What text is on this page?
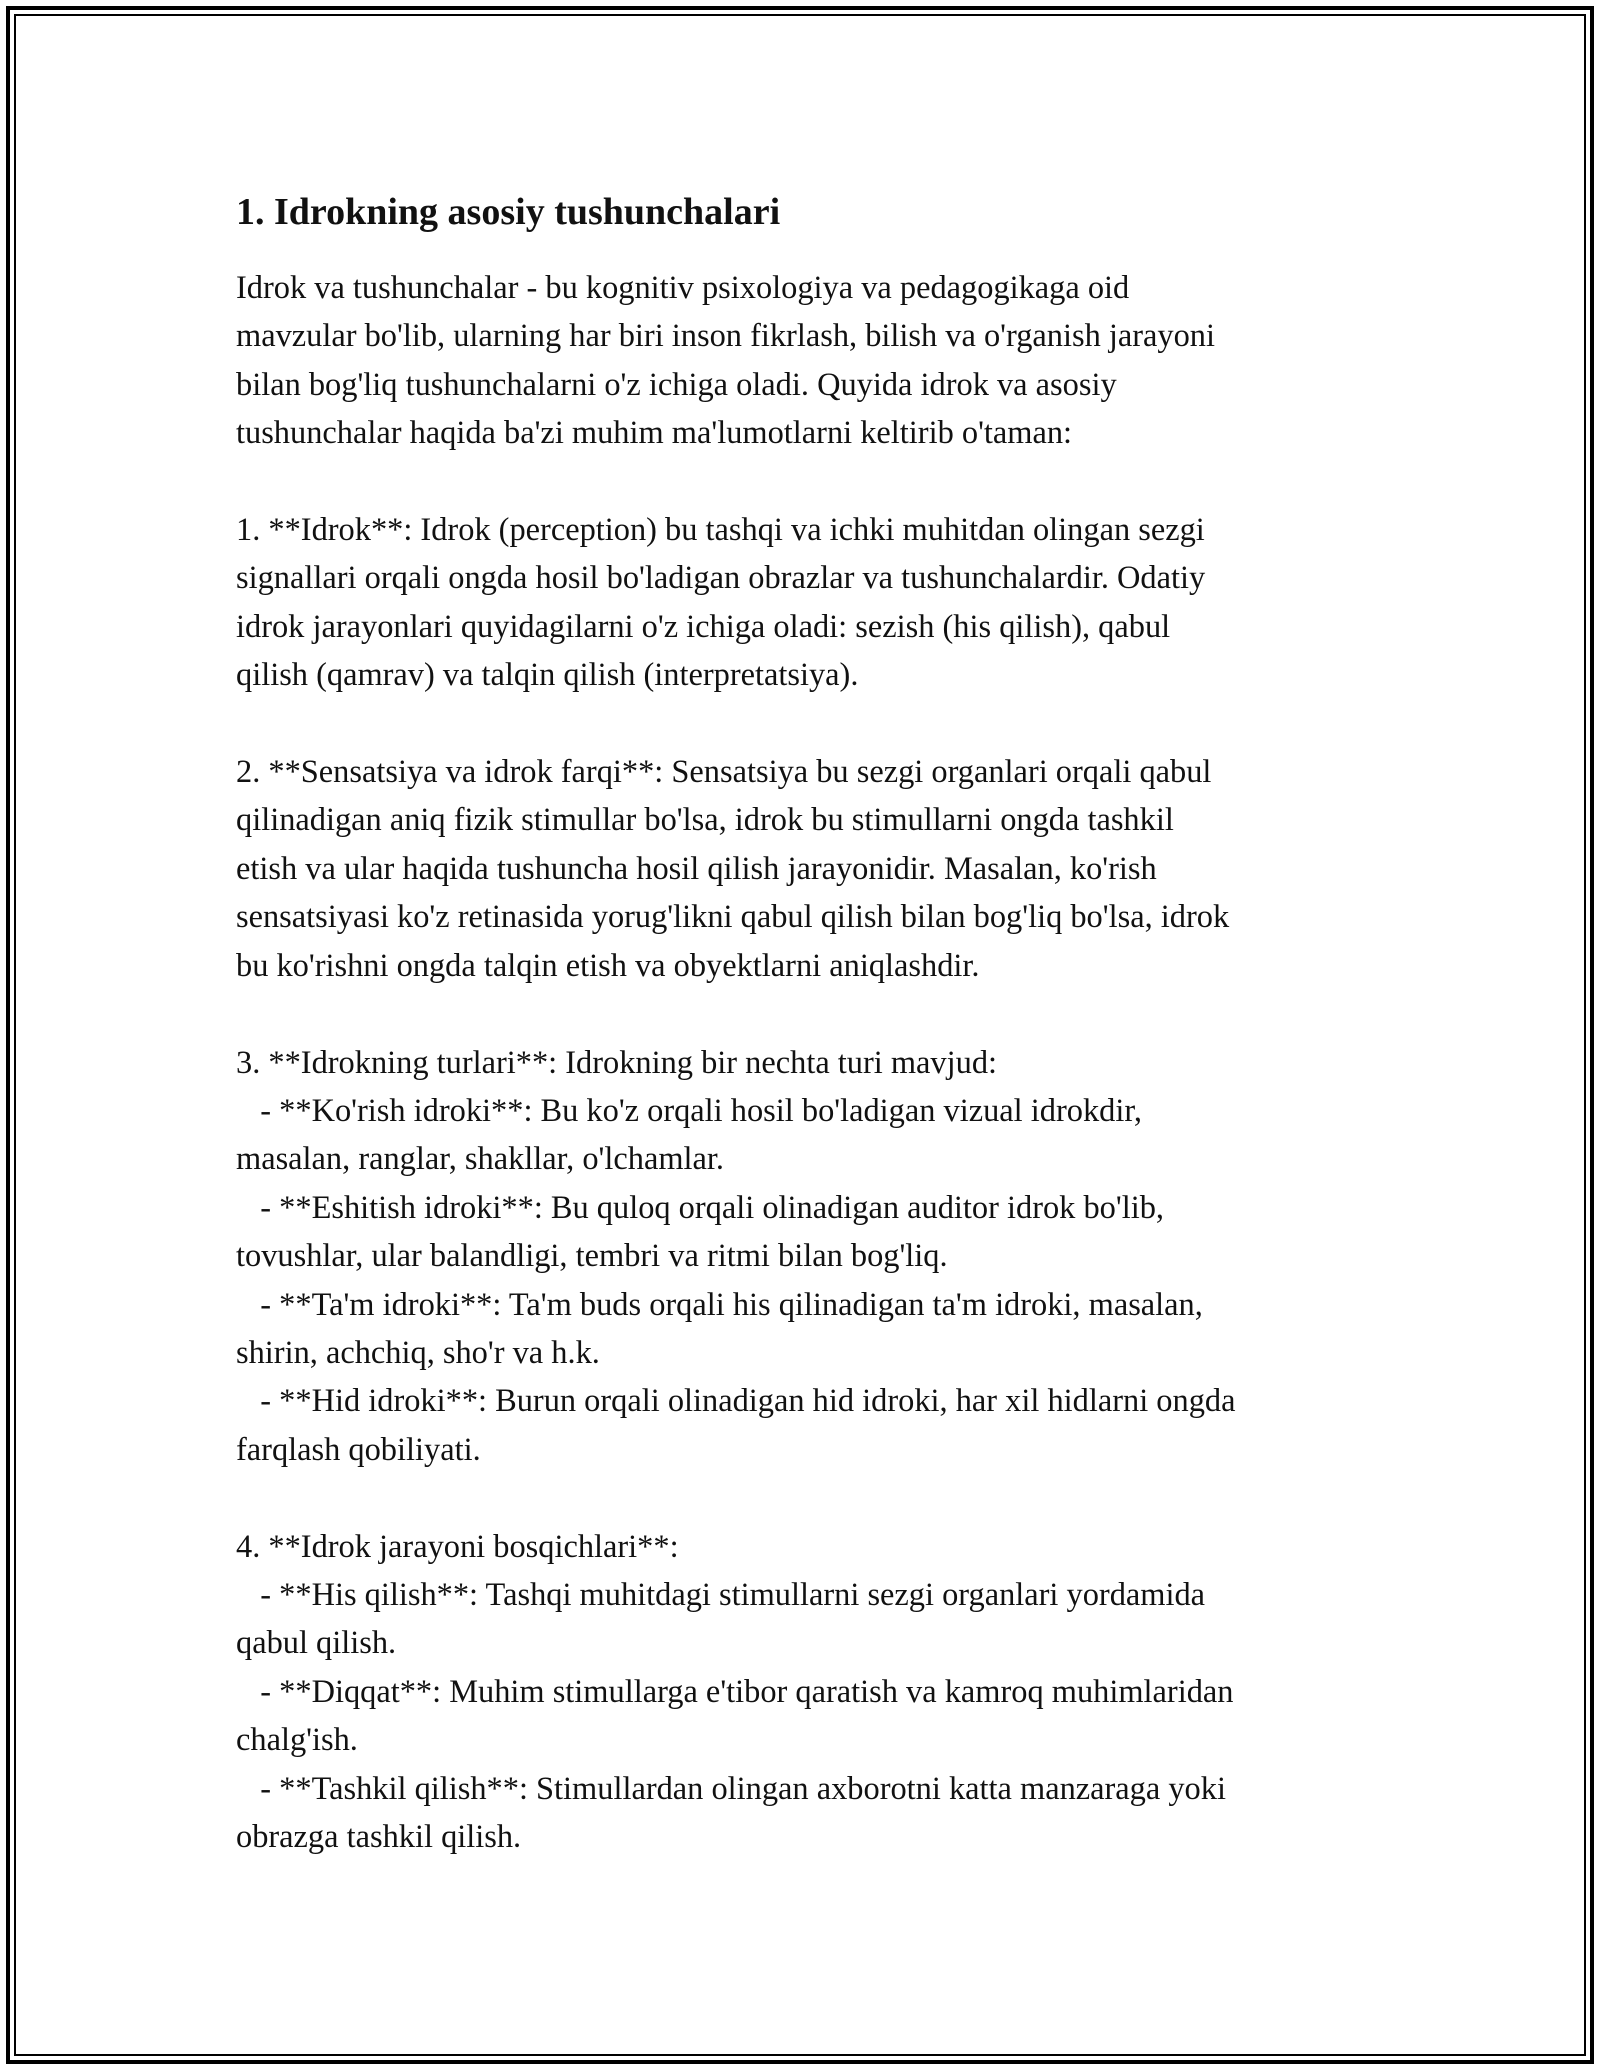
1. Idrokning asosiy tushunchalari

Idrok va tushunchalar - bu kognitiv psixologiya va pedagogikaga oid
mavzular bo'lib, ularning har biri inson fikrlash, bilish va o'rganish jarayoni
bilan bog'liq tushunchalarni o'z ichiga oladi. Quyida idrok va asosiy
tushunchalar haqida ba'zi muhim ma'lumotlarni keltirib o'taman:

1. **Idrok**: Idrok (perception) bu tashqi va ichki muhitdan olingan sezgi
signallari orqali ongda hosil bo'ladigan obrazlar va tushunchalardir. Odatiy
idrok jarayonlari quyidagilarni o'z ichiga oladi: sezish (his qilish), qabul
qilish (qamrav) va talqin qilish (interpretatsiya).

2. **Sensatsiya va idrok farqi**: Sensatsiya bu sezgi organlari orqali qabul
qilinadigan aniq fizik stimullar bo'lsa, idrok bu stimullarni ongda tashkil
etish va ular haqida tushuncha hosil qilish jarayonidir. Masalan, ko'rish
sensatsiyasi ko'z retinasida yorug'likni qabul qilish bilan bog'liq bo'lsa, idrok
bu ko'rishni ongda talqin etish va obyektlarni aniqlashdir.

3. **Idrokning turlari**: Idrokning bir nechta turi mavjud:
- **Ko'rish idroki**: Bu ko'z orqali hosil bo'ladigan vizual idrokdir,
masalan, ranglar, shakllar, o'lchamlar.
- **Eshitish idroki**: Bu quloq orqali olinadigan auditor idrok bo'lib,
tovushlar, ular balandligi, tembri va ritmi bilan bog'liq.
- **Ta'm idroki**: Ta'm buds orqali his qilinadigan ta'm idroki, masalan,
shirin, achchiq, sho'r va h.k.
- **Hid idroki**: Burun orqali olinadigan hid idroki, har xil hidlarni ongda
farqlash qobiliyati.

4. **Idrok jarayoni bosqichlari**:
- **His qilish**: Tashqi muhitdagi stimullarni sezgi organlari yordamida
qabul qilish.
- **Diqqat**: Muhim stimullarga e'tibor qaratish va kamroq muhimlaridan
chalg'ish.
- **Tashkil qilish**: Stimullardan olingan axborotni katta manzaraga yoki
obrazga tashkil qilish.
